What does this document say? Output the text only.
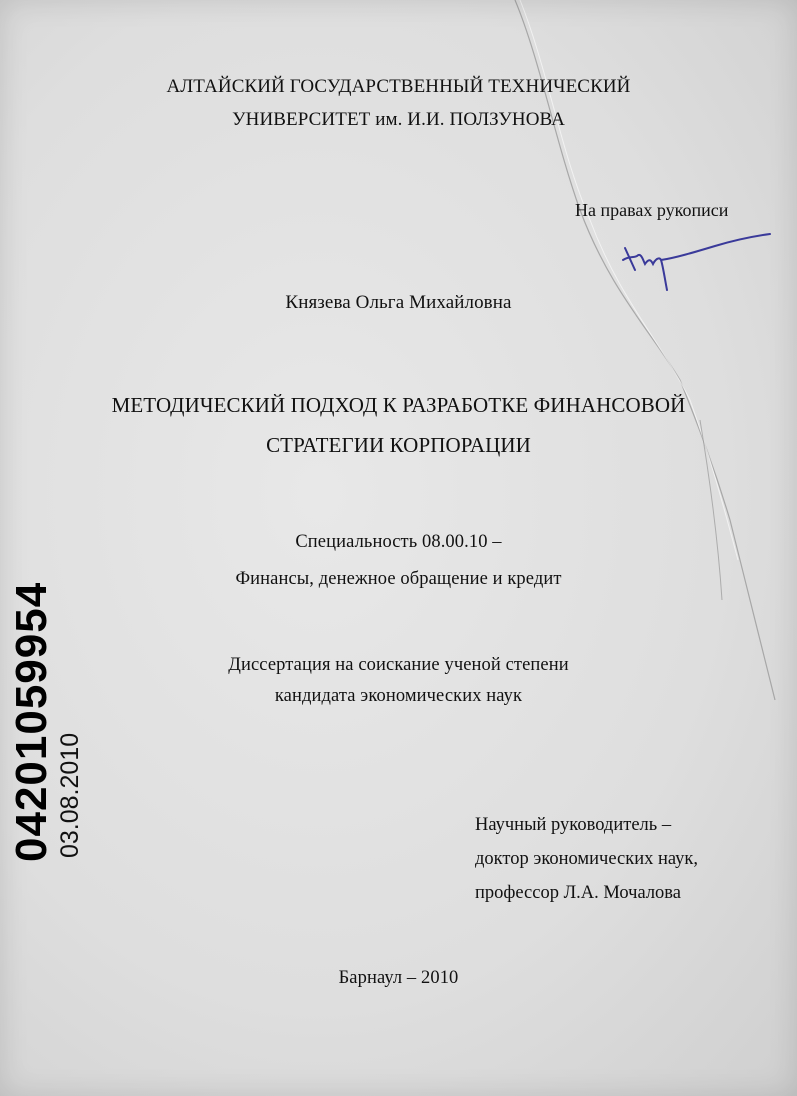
АЛТАЙСКИЙ ГОСУДАРСТВЕННЫЙ ТЕХНИЧЕСКИЙ
УНИВЕРСИТЕТ им. И.И. ПОЛЗУНОВА
На правах рукописи
Князева Ольга Михайловна
МЕТОДИЧЕСКИЙ ПОДХОД К РАЗРАБОТКЕ ФИНАНСОВОЙ
СТРАТЕГИИ КОРПОРАЦИИ
Специальность 08.00.10 –
Финансы, денежное обращение и кредит
Диссертация на соискание ученой степени
кандидата экономических наук
Научный руководитель –
доктор экономических наук,
профессор Л.А. Мочалова
Барнаул – 2010
04201059954 03.08.2010
